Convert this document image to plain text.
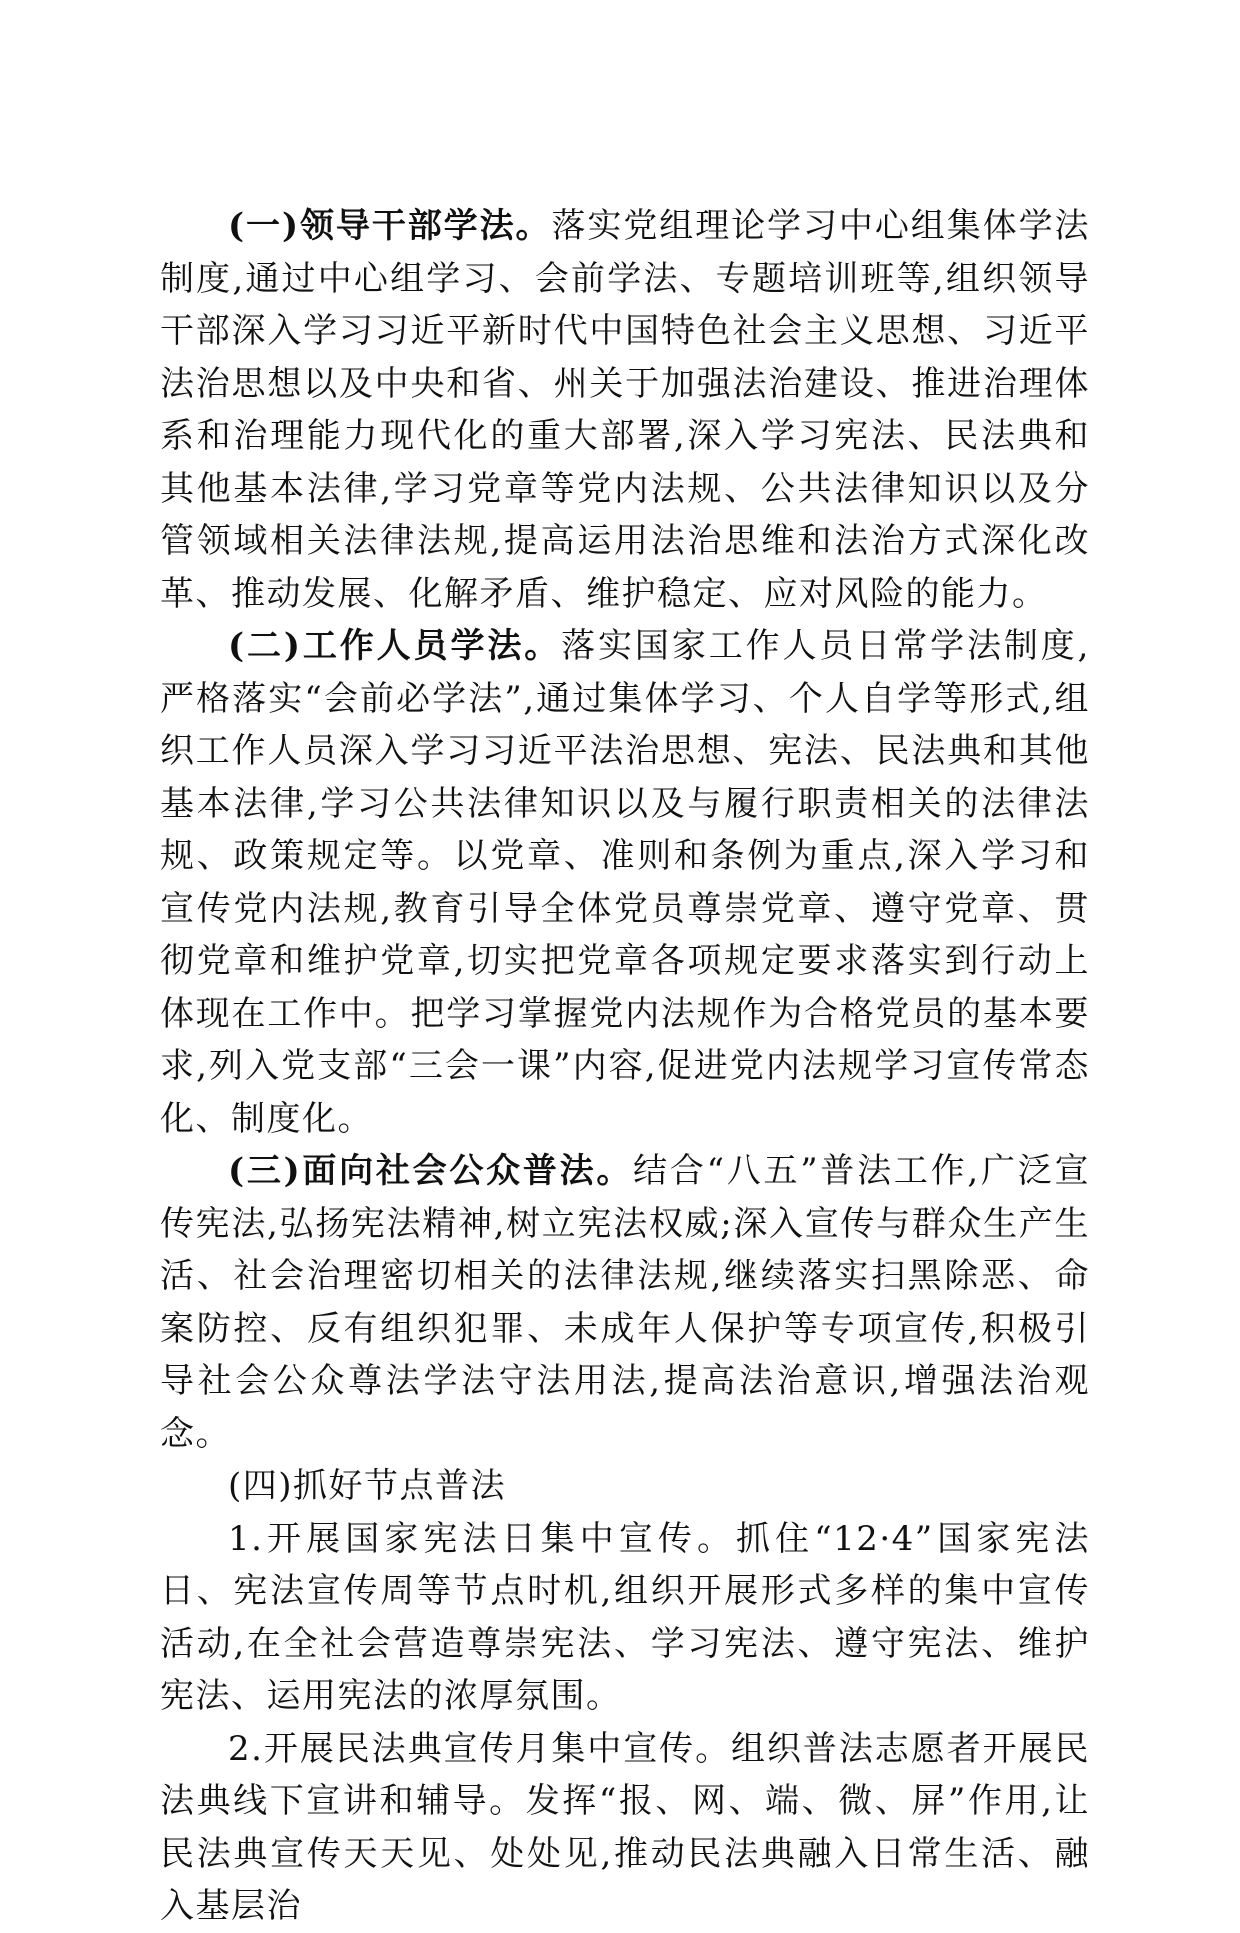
(一)领导干部学法。落实党组理论学习中心组集体学法制度,通过中心组学习、会前学法、专题培训班等,组织领导干部深入学习习近平新时代中国特色社会主义思想、习近平法治思想以及中央和省、州关于加强法治建设、推进治理体系和治理能力现代化的重大部署,深入学习宪法、民法典和其他基本法律,学习党章等党内法规、公共法律知识以及分管领域相关法律法规,提高运用法治思维和法治方式深化改革、推动发展、化解矛盾、维护稳定、应对风险的能力。

(二)工作人员学法。落实国家工作人员日常学法制度,严格落实“会前必学法”,通过集体学习、个人自学等形式,组织工作人员深入学习习近平法治思想、宪法、民法典和其他基本法律,学习公共法律知识以及与履行职责相关的法律法规、政策规定等。以党章、准则和条例为重点,深入学习和宣传党内法规,教育引导全体党员尊崇党章、遵守党章、贯彻党章和维护党章,切实把党章各项规定要求落实到行动上体现在工作中。把学习掌握党内法规作为合格党员的基本要求,列入党支部“三会一课”内容,促进党内法规学习宣传常态化、制度化。

(三)面向社会公众普法。结合“八五”普法工作,广泛宣传宪法,弘扬宪法精神,树立宪法权威;深入宣传与群众生产生活、社会治理密切相关的法律法规,继续落实扫黑除恶、命案防控、反有组织犯罪、未成年人保护等专项宣传,积极引导社会公众尊法学法守法用法,提高法治意识,增强法治观念。

(四)抓好节点普法

1.开展国家宪法日集中宣传。抓住“12·4”国家宪法日、宪法宣传周等节点时机,组织开展形式多样的集中宣传活动,在全社会营造尊崇宪法、学习宪法、遵守宪法、维护宪法、运用宪法的浓厚氛围。

2.开展民法典宣传月集中宣传。组织普法志愿者开展民法典线下宣讲和辅导。发挥“报、网、端、微、屏”作用,让民法典宣传天天见、处处见,推动民法典融入日常生活、融入基层治
